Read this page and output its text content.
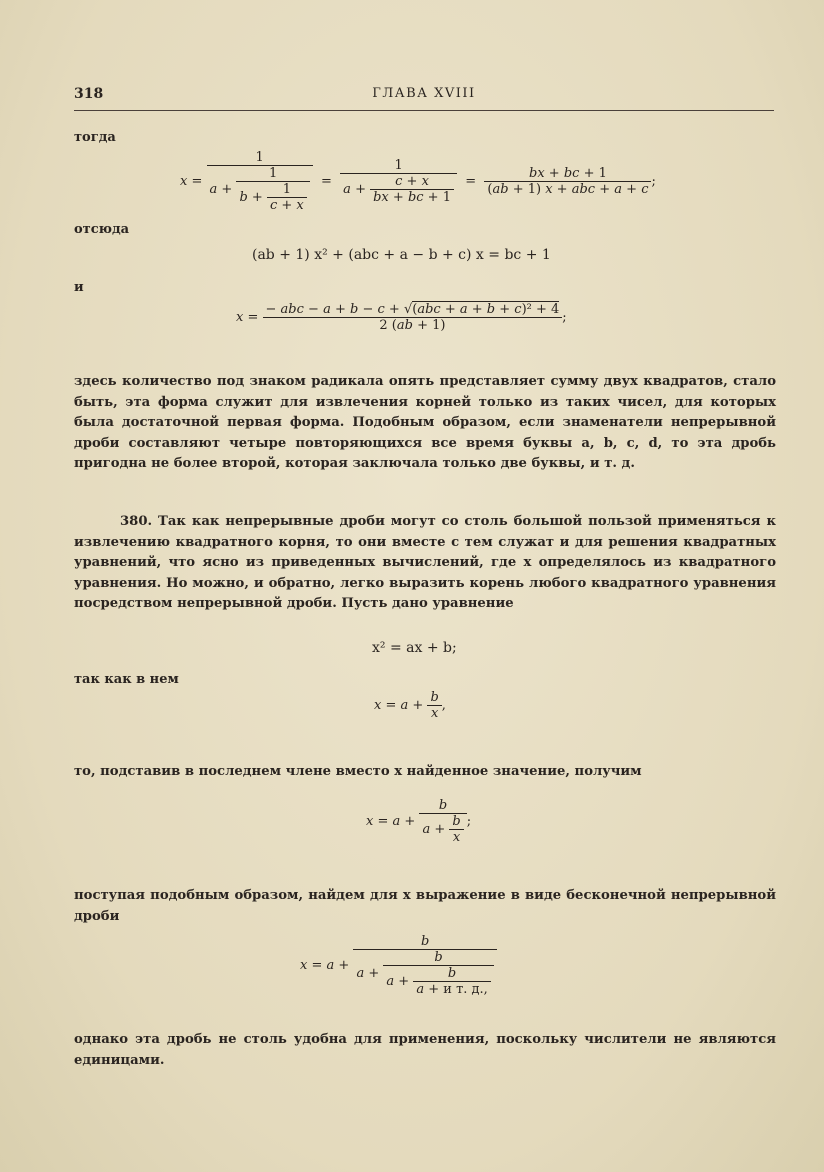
318	ГЛАВА XVIII
тогда
$x = \frac{1}{a + \frac{1}{b + \frac{1}{c + x}}} = \frac{1}{a + \frac{c + x}{bx + bc + 1}} = \frac{bx + bc + 1}{\text{(ab + 1) x + abc + a + c}}$ ;
отсюда
(ab + 1) x² + (abc + a − b + c) x = bc + 1
и
$x = \frac{\text{− abc − a + b − c + √(abc + a + b + c)² + 4}}{2 (ab + 1)}$ ;
здесь количество под знаком радикала опять представляет сумму двух квадратов, стало быть, эта форма служит для извлечения корней только из таких чисел, для которых была достаточной первая форма. Подобным образом, если знаменатели непрерывной дроби составляют четыре повторяющихся все время буквы a, b, c, d, то эта дробь пригодна не более второй, которая заключала только две буквы, и т. д.
380. Так как непрерывные дроби могут со столь большой пользой применяться к извлечению квадратного корня, то они вместе с тем служат и для решения квадратных уравнений, что ясно из приведенных вычислений, где x определялось из квадратного уравнения. Но можно, и обратно, легко выразить корень любого квадратного уравнения посредством непрерывной дроби. Пусть дано уравнение
x² = ax + b;
так как в нем
$x = a + \frac{b}{x}$ ,
то, подставив в последнем члене вместо x найденное значение, получим
$x = a + \frac{b}{a + \frac{b}{x}}$ ;
поступая подобным образом, найдем для x выражение в виде бесконечной непрерывной дроби
$x = a + \frac{b}{a + \frac{b}{a + \frac{b}{\text{a + и т. д.,}}}}$
однако эта дробь не столь удобна для применения, поскольку числители не являются единицами.
